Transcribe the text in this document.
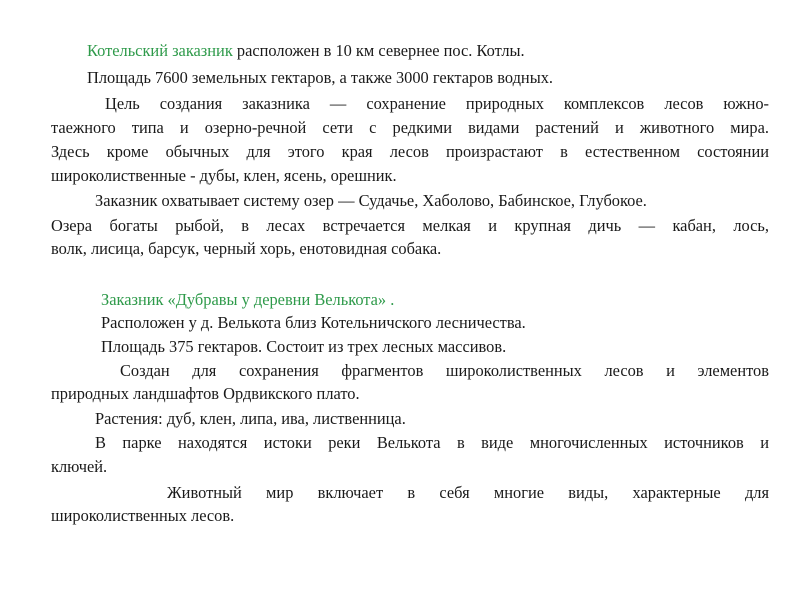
Котельский заказник расположен в 10 км севернее пос. Котлы.
Площадь 7600 земельных гектаров, а также 3000 гектаров водных.
Цель создания заказника — сохранение природных комплексов лесов южно-
таежного типа и озерно-речной сети с редкими видами растений и животного мира.
Здесь кроме обычных для этого края лесов произрастают в естественном состоянии
широколиственные - дубы, клен, ясень, орешник.
Заказник охватывает систему озер — Судачье, Хаболово, Бабинское, Глубокое.
Озера богаты рыбой, в лесах встречается мелкая и крупная дичь — кабан, лось,
волк, лисица, барсук, черный хорь, енотовидная собака.
Заказник «Дубравы у деревни Велькота» .
Расположен у д. Велькота близ Котельничского лесничества.
Площадь 375 гектаров. Состоит из трех лесных массивов.
Создан для сохранения фрагментов широколиственных лесов и элементов
природных ландшафтов Ордвикского плато.
Растения: дуб, клен, липа, ива, лиственница.
В парке находятся истоки реки Велькота в виде многочисленных источников и
ключей.
Животный мир включает в себя многие виды, характерные для
широколиственных лесов.
